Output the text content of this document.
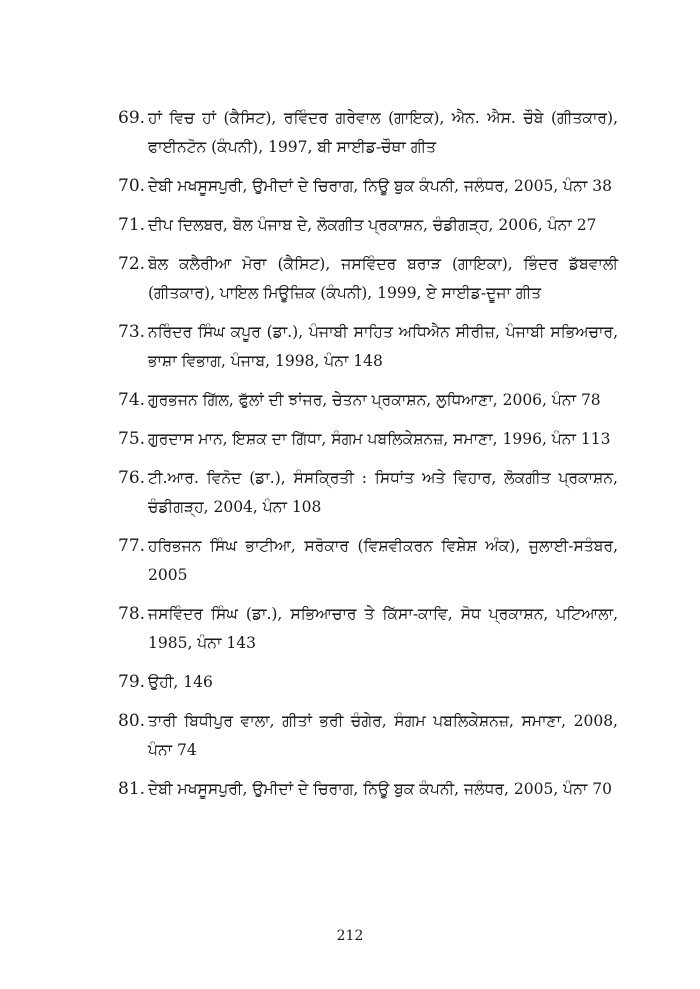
69. ਹਾਂ ਵਿਚ ਹਾਂ (ਕੈਸਿਟ), ਰਵਿੰਦਰ ਗਰੇਵਾਲ (ਗਾਇਕ), ਐਨ. ਐਸ. ਚੌਬੇ (ਗੀਤਕਾਰ), ਫਾਈਨਟੋਨ (ਕੰਪਨੀ), 1997, ਬੀ ਸਾਈਡ-ਚੌਥਾ ਗੀਤ
70. ਦੇਬੀ ਮਖਸੂਸਪੁਰੀ, ਉਮੀਦਾਂ ਦੇ ਚਿਰਾਗ, ਨਿਊ ਬੁਕ ਕੰਪਨੀ, ਜਲੰਧਰ, 2005, ਪੰਨਾ 38
71. ਦੀਪ ਦਿਲਬਰ, ਬੋਲ ਪੰਜਾਬ ਦੇ, ਲੋਕਗੀਤ ਪ੍ਰਕਾਸ਼ਨ, ਚੰਡੀਗੜ੍ਹ, 2006, ਪੰਨਾ 27
72. ਬੋਲ ਕਲੈਰੀਆ ਮੋਰਾ (ਕੈਸਿਟ), ਜਸਵਿੰਦਰ ਬਰਾੜ (ਗਾਇਕਾ), ਭਿੰਦਰ ਡੱਬਵਾਲੀ (ਗੀਤਕਾਰ), ਪਾਇਲ ਮਿਊਜ਼ਿਕ (ਕੰਪਨੀ), 1999, ਏ ਸਾਈਡ-ਦੂਜਾ ਗੀਤ
73. ਨਰਿੰਦਰ ਸਿੰਘ ਕਪੂਰ (ਡਾ.), ਪੰਜਾਬੀ ਸਾਹਿਤ ਅਧਿਐਨ ਸੀਰੀਜ਼, ਪੰਜਾਬੀ ਸਭਿਅਚਾਰ, ਭਾਸ਼ਾ ਵਿਭਾਗ, ਪੰਜਾਬ, 1998, ਪੰਨਾ 148
74. ਗੁਰਭਜਨ ਗਿੱਲ, ਫੁੱਲਾਂ ਦੀ ਝਾਂਜਰ, ਚੇਤਨਾ ਪ੍ਰਕਾਸ਼ਨ, ਲੁਧਿਆਣਾ, 2006, ਪੰਨਾ 78
75. ਗੁਰਦਾਸ ਮਾਨ, ਇਸ਼ਕ ਦਾ ਗਿੱਧਾ, ਸੰਗਮ ਪਬਲਿਕੇਸ਼ਨਜ਼, ਸਮਾਣਾ, 1996, ਪੰਨਾ 113
76. ਟੀ.ਆਰ. ਵਿਨੋਦ (ਡਾ.), ਸੰਸਕ੍ਰਿਤੀ : ਸਿਧਾਂਤ ਅਤੇ ਵਿਹਾਰ, ਲੋਕਗੀਤ ਪ੍ਰਕਾਸ਼ਨ, ਚੰਡੀਗੜ੍ਹ, 2004, ਪੰਨਾ 108
77. ਹਰਿਭਜਨ ਸਿੰਘ ਭਾਟੀਆ, ਸਰੋਕਾਰ (ਵਿਸ਼ਵੀਕਰਨ ਵਿਸ਼ੇਸ਼ ਅੰਕ), ਜੁਲਾਈ-ਸਤੰਬਰ, 2005
78. ਜਸਵਿੰਦਰ ਸਿੰਘ (ਡਾ.), ਸਭਿਆਚਾਰ ਤੇ ਕਿੱਸਾ-ਕਾਵਿ, ਸੋਧ ਪ੍ਰਕਾਸ਼ਨ, ਪਟਿਆਲਾ, 1985, ਪੰਨਾ 143
79. ਉਹੀ, 146
80. ਤਾਰੀ ਬਿਧੀਪੁਰ ਵਾਲਾ, ਗੀਤਾਂ ਭਰੀ ਚੰਗੇਰ, ਸੰਗਮ ਪਬਲਿਕੇਸ਼ਨਜ਼, ਸਮਾਣਾ, 2008, ਪੰਨਾ 74
81. ਦੇਬੀ ਮਖਸੂਸਪੁਰੀ, ਉਮੀਦਾਂ ਦੇ ਚਿਰਾਗ, ਨਿਊ ਬੁਕ ਕੰਪਨੀ, ਜਲੰਧਰ, 2005, ਪੰਨਾ 70
212
